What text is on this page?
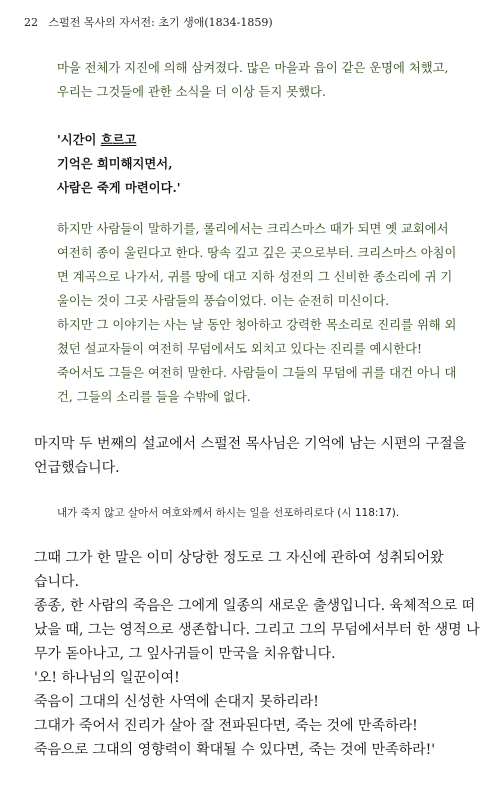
22 스펄전 목사의 자서전: 초기 생애(1834-1859)
마을 전체가 지진에 의해 삼켜졌다. 많은 마을과 읍이 같은 운명에 처했고,
우리는 그것들에 관한 소식을 더 이상 듣지 못했다.
'시간이 흐르고
기억은 희미해지면서,
사람은 죽게 마련이다.'
하지만 사람들이 말하기를, 롤리에서는 크리스마스 때가 되면 옛 교회에서
여전히 종이 울린다고 한다. 땅속 깊고 깊은 곳으로부터. 크리스마스 아침이
면 계곡으로 나가서, 귀를 땅에 대고 지하 성전의 그 신비한 종소리에 귀 기
울이는 것이 그곳 사람들의 풍습이었다. 이는 순전히 미신이다.
하지만 그 이야기는 사는 날 동안 청아하고 강력한 목소리로 진리를 위해 외
쳤던 설교자들이 여전히 무덤에서도 외치고 있다는 진리를 예시한다!
죽어서도 그들은 여전히 말한다. 사람들이 그들의 무덤에 귀를 대건 아니 대
건, 그들의 소리를 들을 수밖에 없다.
마지막 두 번째의 설교에서 스펄전 목사님은 기억에 남는 시편의 구절을
언급했습니다.
내가 죽지 않고 살아서 여호와께서 하시는 일을 선포하리로다 (시 118:17).
그때 그가 한 말은 이미 상당한 정도로 그 자신에 관하여 성취되어왔
습니다.
종종, 한 사람의 죽음은 그에게 일종의 새로운 출생입니다. 육체적으로 떠
났을 때, 그는 영적으로 생존합니다. 그리고 그의 무덤에서부터 한 생명 나
무가 돋아나고, 그 잎사귀들이 만국을 치유합니다.
'오! 하나님의 일꾼이여!
죽음이 그대의 신성한 사역에 손대지 못하리라!
그대가 죽어서 진리가 살아 잘 전파된다면, 죽는 것에 만족하라!
죽음으로 그대의 영향력이 확대될 수 있다면, 죽는 것에 만족하라!'
